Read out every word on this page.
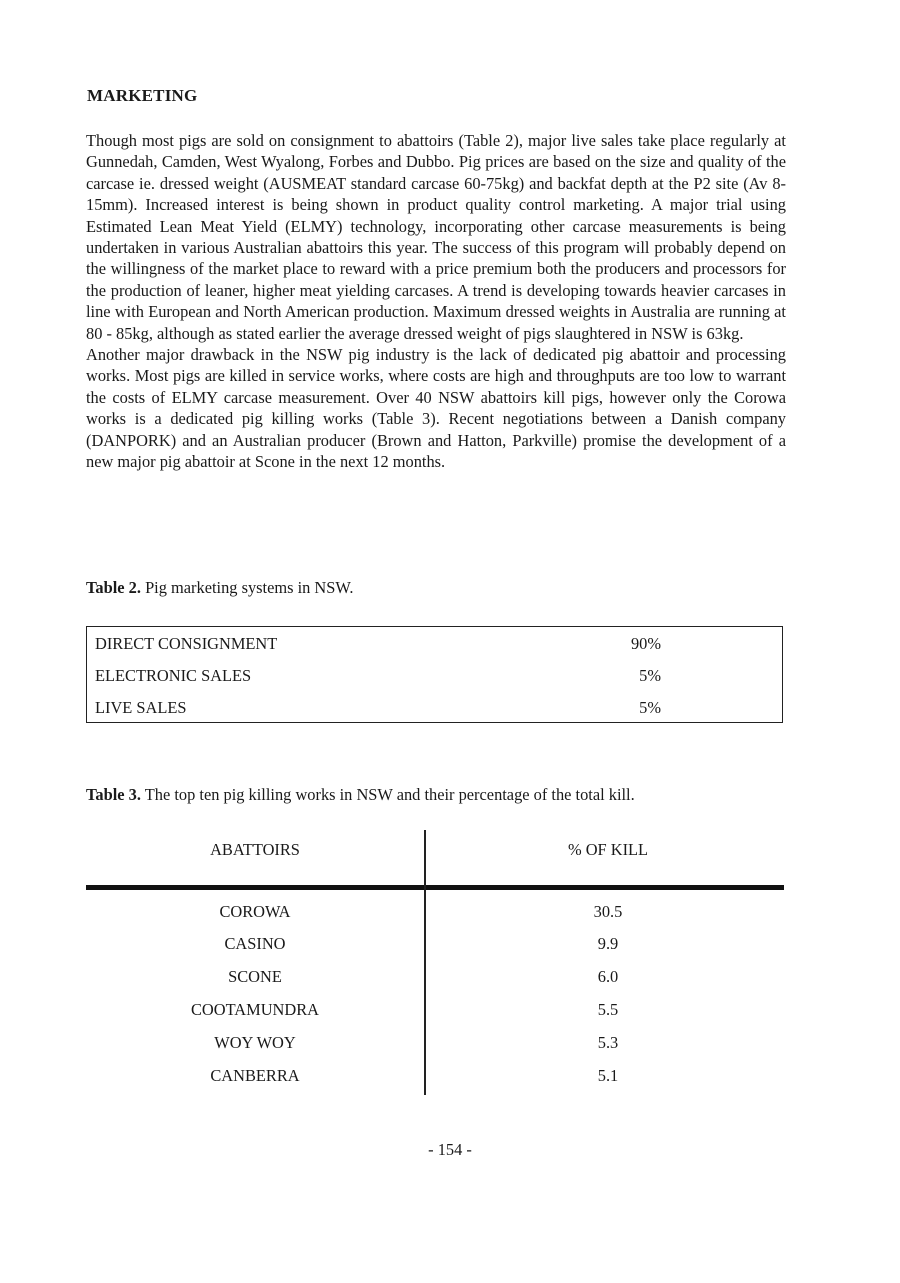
MARKETING

Though most pigs are sold on consignment to abattoirs (Table 2), major live sales take place regularly at Gunnedah, Camden, West Wyalong, Forbes and Dubbo. Pig prices are based on the size and quality of the carcase ie. dressed weight (AUSMEAT standard carcase 60-75kg) and backfat depth at the P2 site (Av 8-15mm). Increased interest is being shown in product quality control marketing. A major trial using Estimated Lean Meat Yield (ELMY) technology, incorporating other carcase measurements is being undertaken in various Australian abattoirs this year. The success of this program will probably depend on the willingness of the market place to reward with a price premium both the producers and processors for the production of leaner, higher meat yielding carcases. A trend is developing towards heavier carcases in line with European and North American production. Maximum dressed weights in Australia are running at 80 - 85kg, although as stated earlier the average dressed weight of pigs slaughtered in NSW is 63kg.

Another major drawback in the NSW pig industry is the lack of dedicated pig abattoir and processing works. Most pigs are killed in service works, where costs are high and throughputs are too low to warrant the costs of ELMY carcase measurement. Over 40 NSW abattoirs kill pigs, however only the Corowa works is a dedicated pig killing works (Table 3). Recent negotiations between a Danish company (DANPORK) and an Australian producer (Brown and Hatton, Parkville) promise the development of a new major pig abattoir at Scone in the next 12 months.

Table 2. Pig marketing systems in NSW.
DIRECT CONSIGNMENT	90%
ELECTRONIC SALES	5%
LIVE SALES	5%
Table 3. The top ten pig killing works in NSW and their percentage of the total kill.
ABATTOIRS	% OF KILL
COROWA	30.5
CASINO	9.9
SCONE	6.0
COOTAMUNDRA	5.5
WOY WOY	5.3
CANBERRA	5.1
- 154 -
